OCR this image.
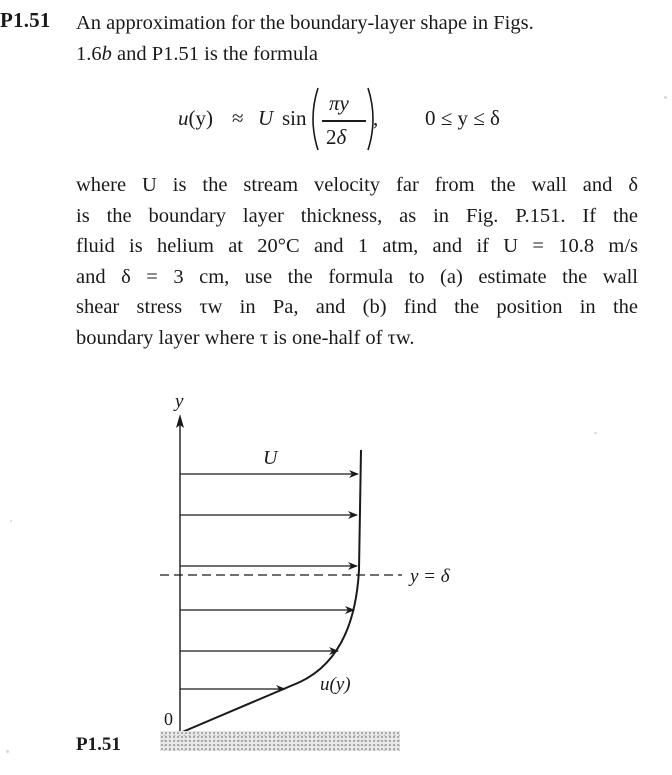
P1.51 An approximation for the boundary-layer shape in Figs.
1.6b and P1.51 is the formula
u(y) ≈ U sin
πy
2δ
, 0 ≤ y ≤ δ
where U is the stream velocity far from the wall and δ
is the boundary layer thickness, as in Fig. P.151. If the
fluid is helium at 20°C and 1 atm, and if U = 10.8 m/s
and δ = 3 cm, use the formula to (a) estimate the wall
shear stress τw in Pa, and (b) find the position in the
boundary layer where τ is one-half of τw.
y
U
y = δ
u(y)
0
P1.51
